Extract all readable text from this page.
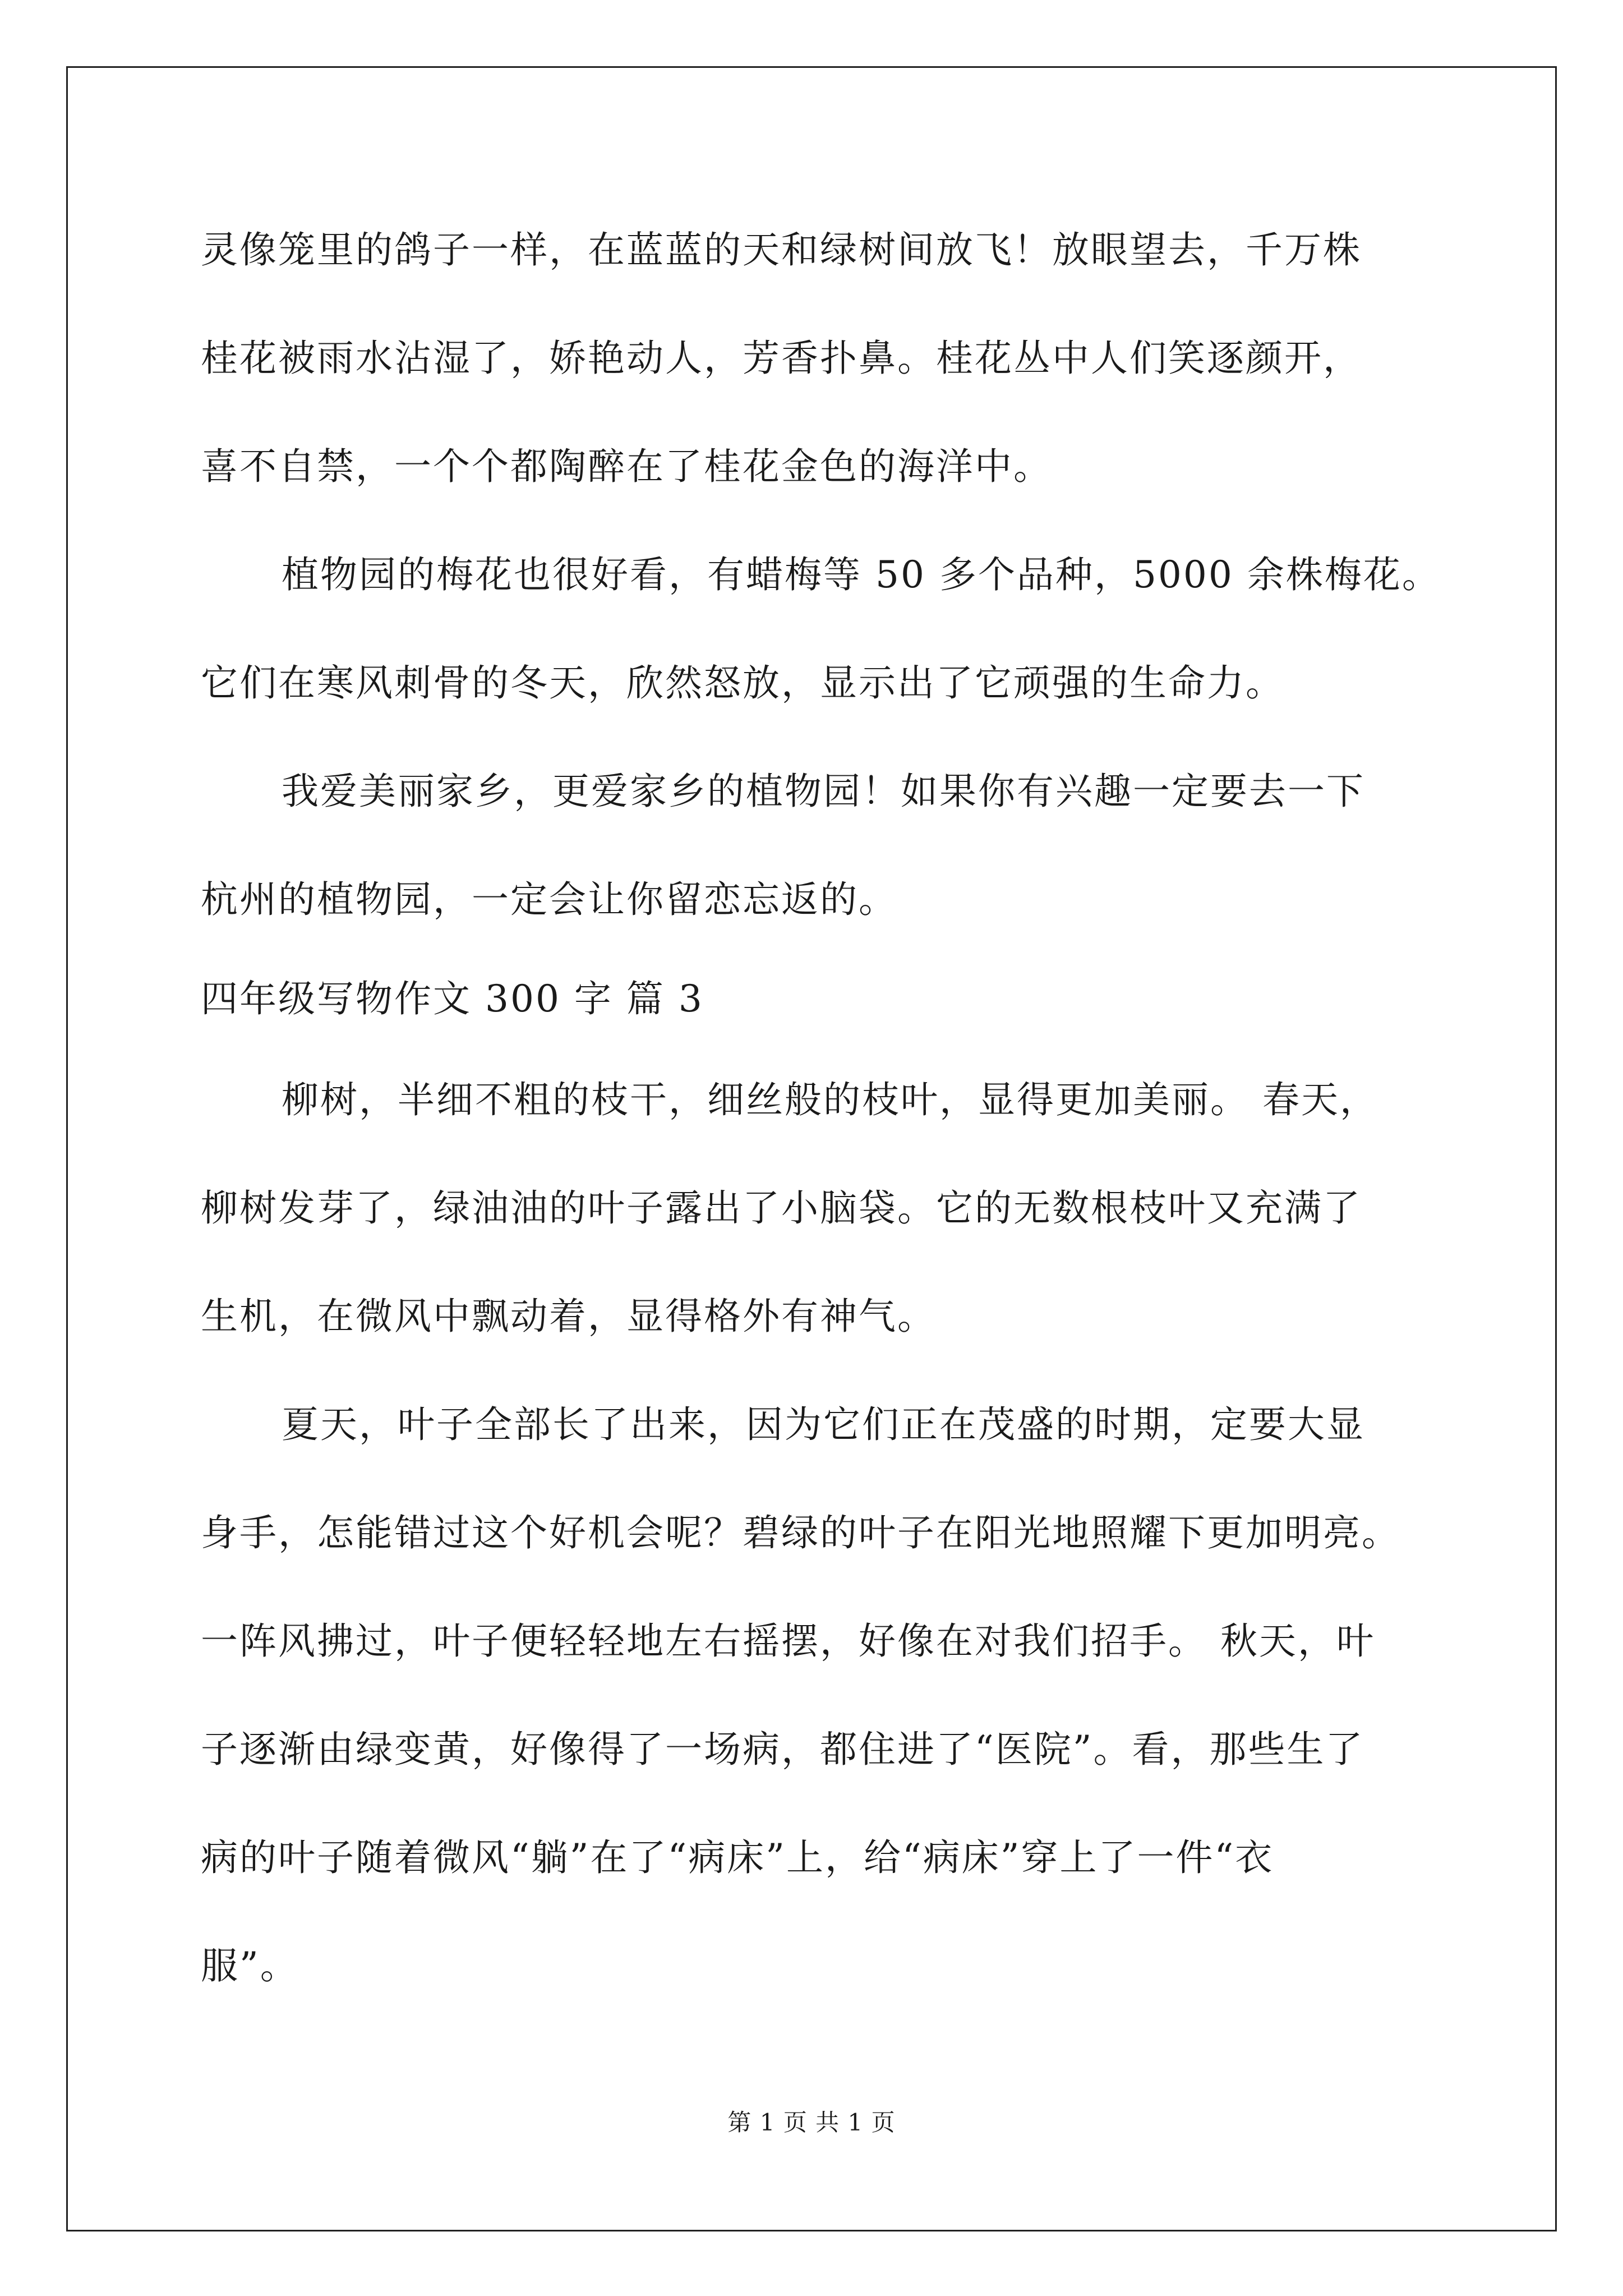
灵像笼里的鸽子一样，在蓝蓝的天和绿树间放飞！放眼望去，千万株
桂花被雨水沾湿了，娇艳动人，芳香扑鼻。桂花丛中人们笑逐颜开，
喜不自禁，一个个都陶醉在了桂花金色的海洋中。
植物园的梅花也很好看，有蜡梅等 50 多个品种，5000 余株梅花。
它们在寒风刺骨的冬天，欣然怒放，显示出了它顽强的生命力。
我爱美丽家乡，更爱家乡的植物园！如果你有兴趣一定要去一下
杭州的植物园，一定会让你留恋忘返的。
四年级写物作文 300 字 篇 3
柳树，半细不粗的枝干，细丝般的枝叶，显得更加美丽。 春天，
柳树发芽了，绿油油的叶子露出了小脑袋。它的无数根枝叶又充满了
生机，在微风中飘动着，显得格外有神气。
夏天，叶子全部长了出来，因为它们正在茂盛的时期，定要大显
身手，怎能错过这个好机会呢？碧绿的叶子在阳光地照耀下更加明亮。
一阵风拂过，叶子便轻轻地左右摇摆，好像在对我们招手。 秋天，叶
子逐渐由绿变黄，好像得了一场病，都住进了“医院”。看，那些生了
病的叶子随着微风“躺”在了“病床”上，给“病床”穿上了一件“衣
服”。
第 1 页 共 1 页
